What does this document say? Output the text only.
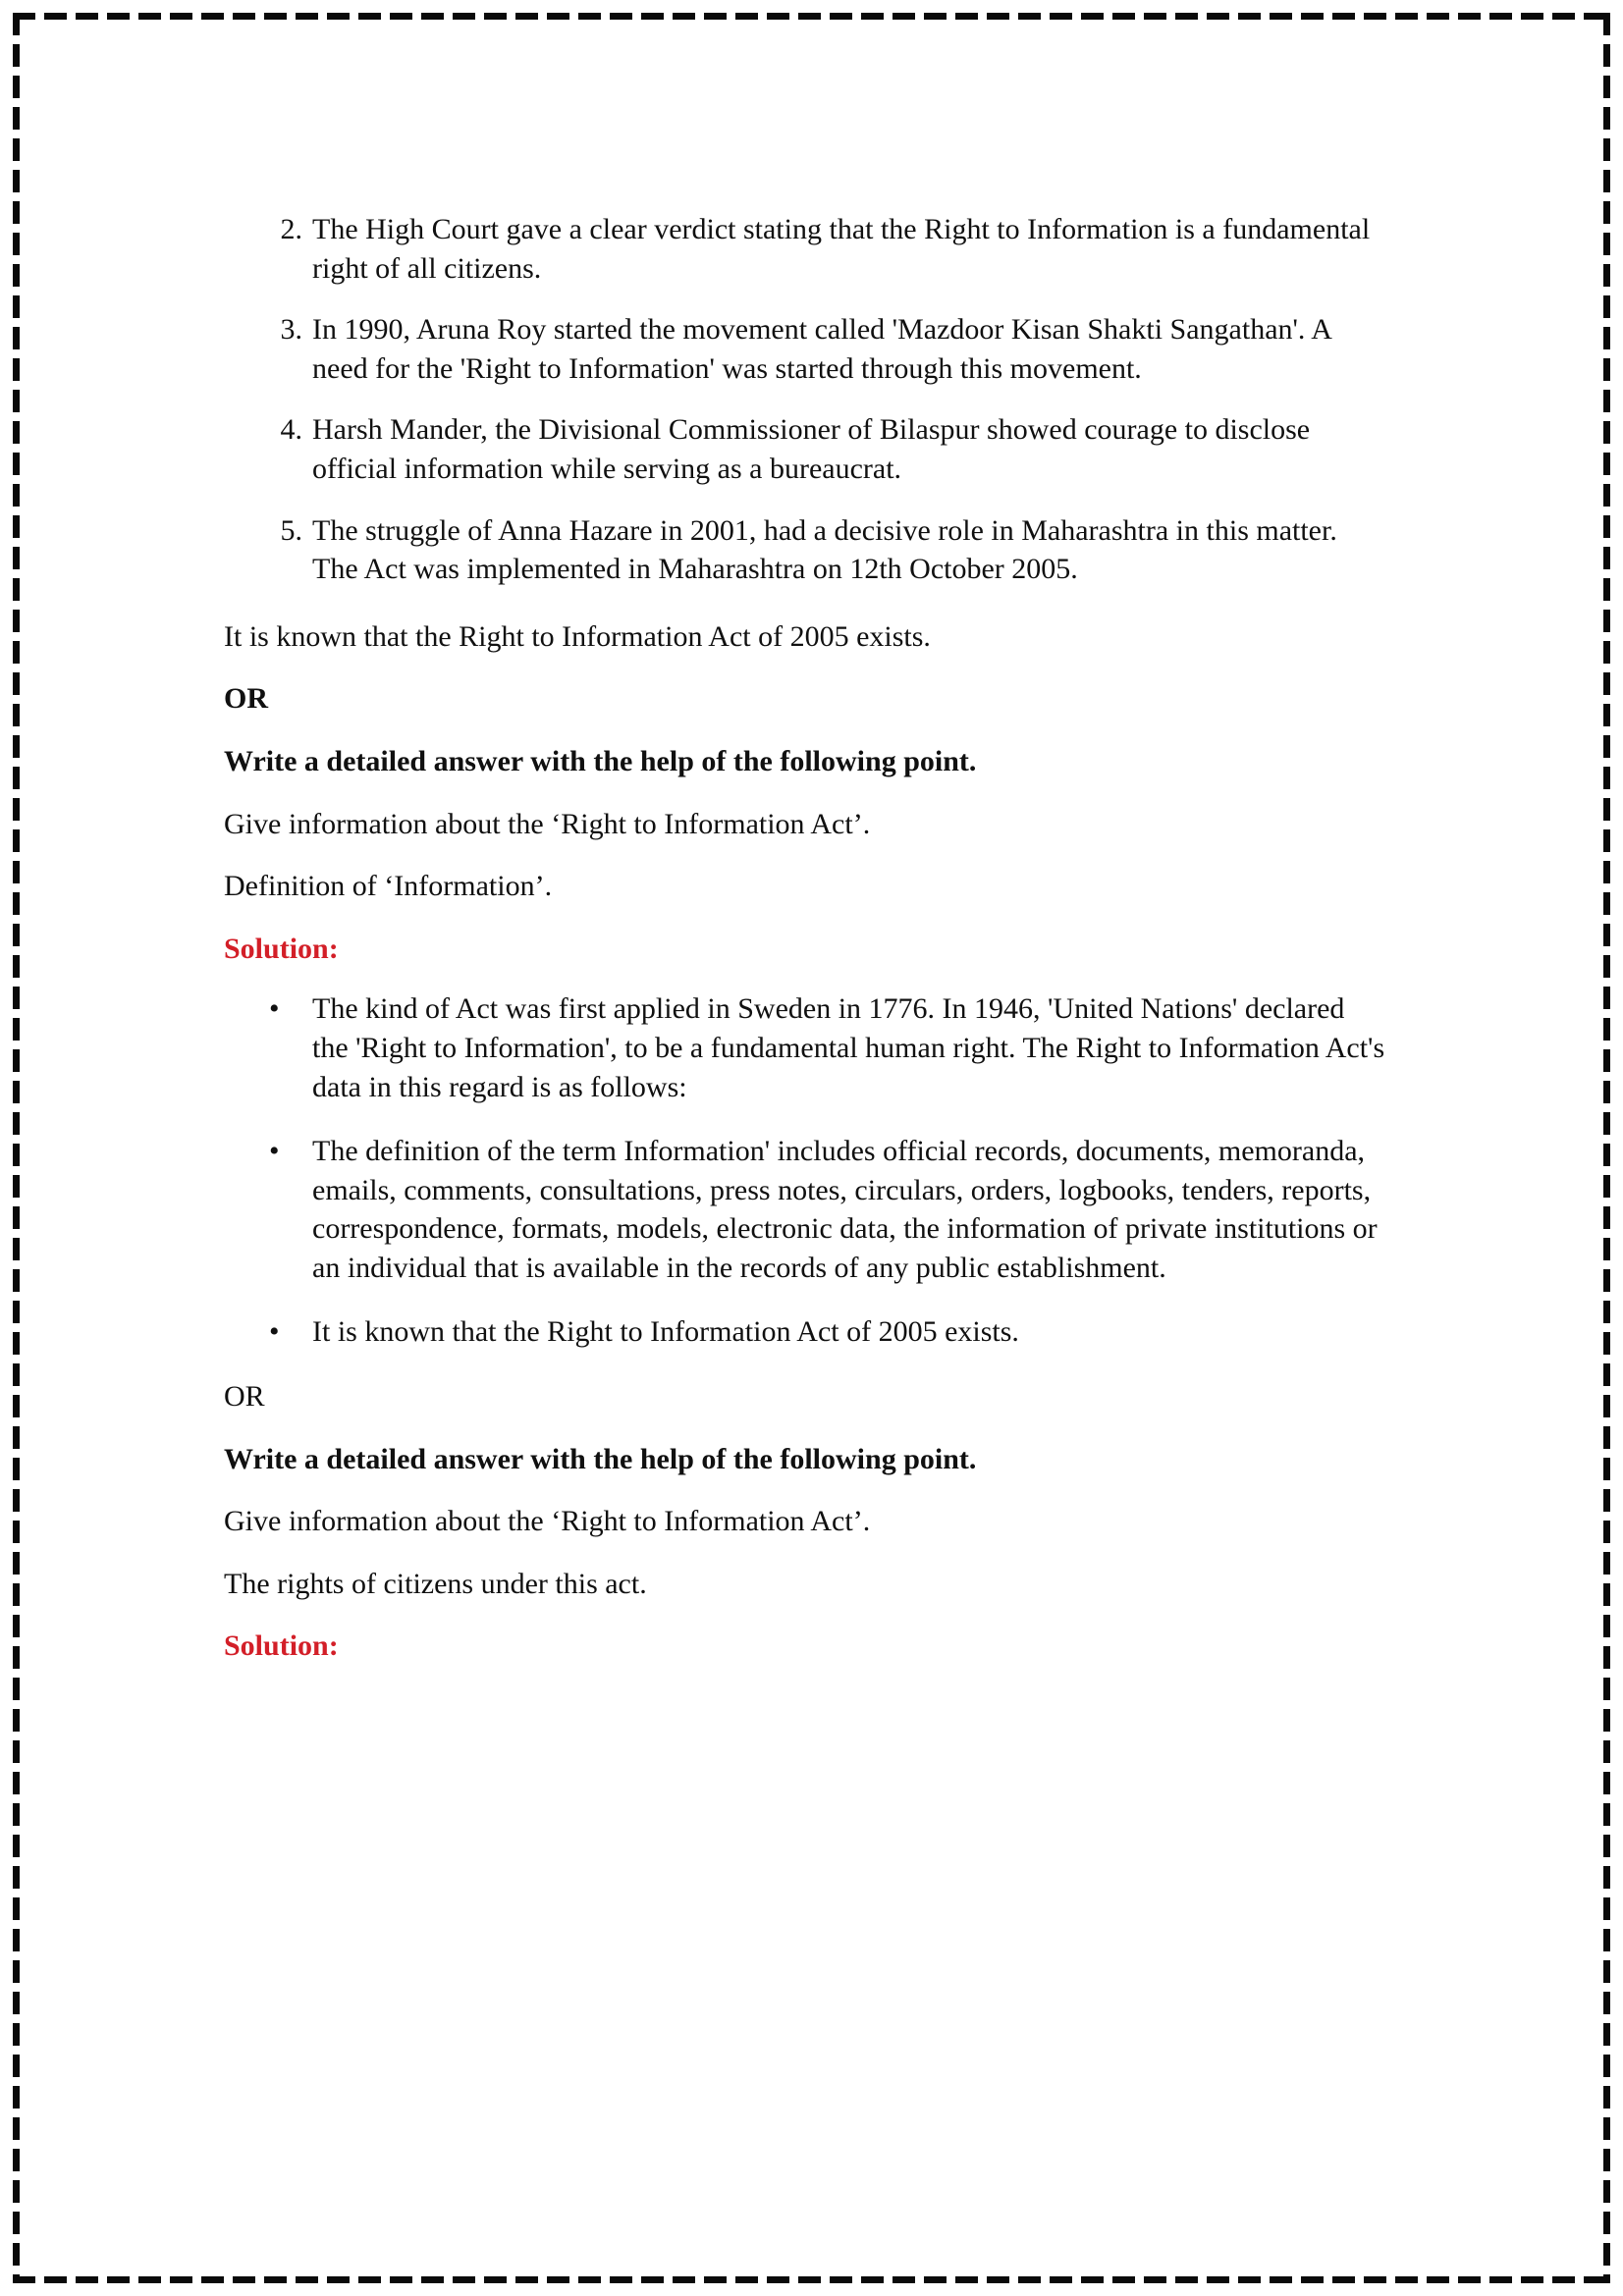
2. The High Court gave a clear verdict stating that the Right to Information is a fundamental right of all citizens.
3. In 1990, Aruna Roy started the movement called 'Mazdoor Kisan Shakti Sangathan'. A need for the 'Right to Information' was started through this movement.
4. Harsh Mander, the Divisional Commissioner of Bilaspur showed courage to disclose official information while serving as a bureaucrat.
5. The struggle of Anna Hazare in 2001, had a decisive role in Maharashtra in this matter. The Act was implemented in Maharashtra on 12th October 2005.

It is known that the Right to Information Act of 2005 exists.

OR

Write a detailed answer with the help of the following point.

Give information about the ‘Right to Information Act’.

Definition of ‘Information’.

Solution:

• The kind of Act was first applied in Sweden in 1776. In 1946, 'United Nations' declared the 'Right to Information', to be a fundamental human right. The Right to Information Act's data in this regard is as follows:
• The definition of the term Information' includes official records, documents, memoranda, emails, comments, consultations, press notes, circulars, orders, logbooks, tenders, reports, correspondence, formats, models, electronic data, the information of private institutions or an individual that is available in the records of any public establishment.
• It is known that the Right to Information Act of 2005 exists.

OR

Write a detailed answer with the help of the following point.

Give information about the ‘Right to Information Act’.

The rights of citizens under this act.

Solution:
